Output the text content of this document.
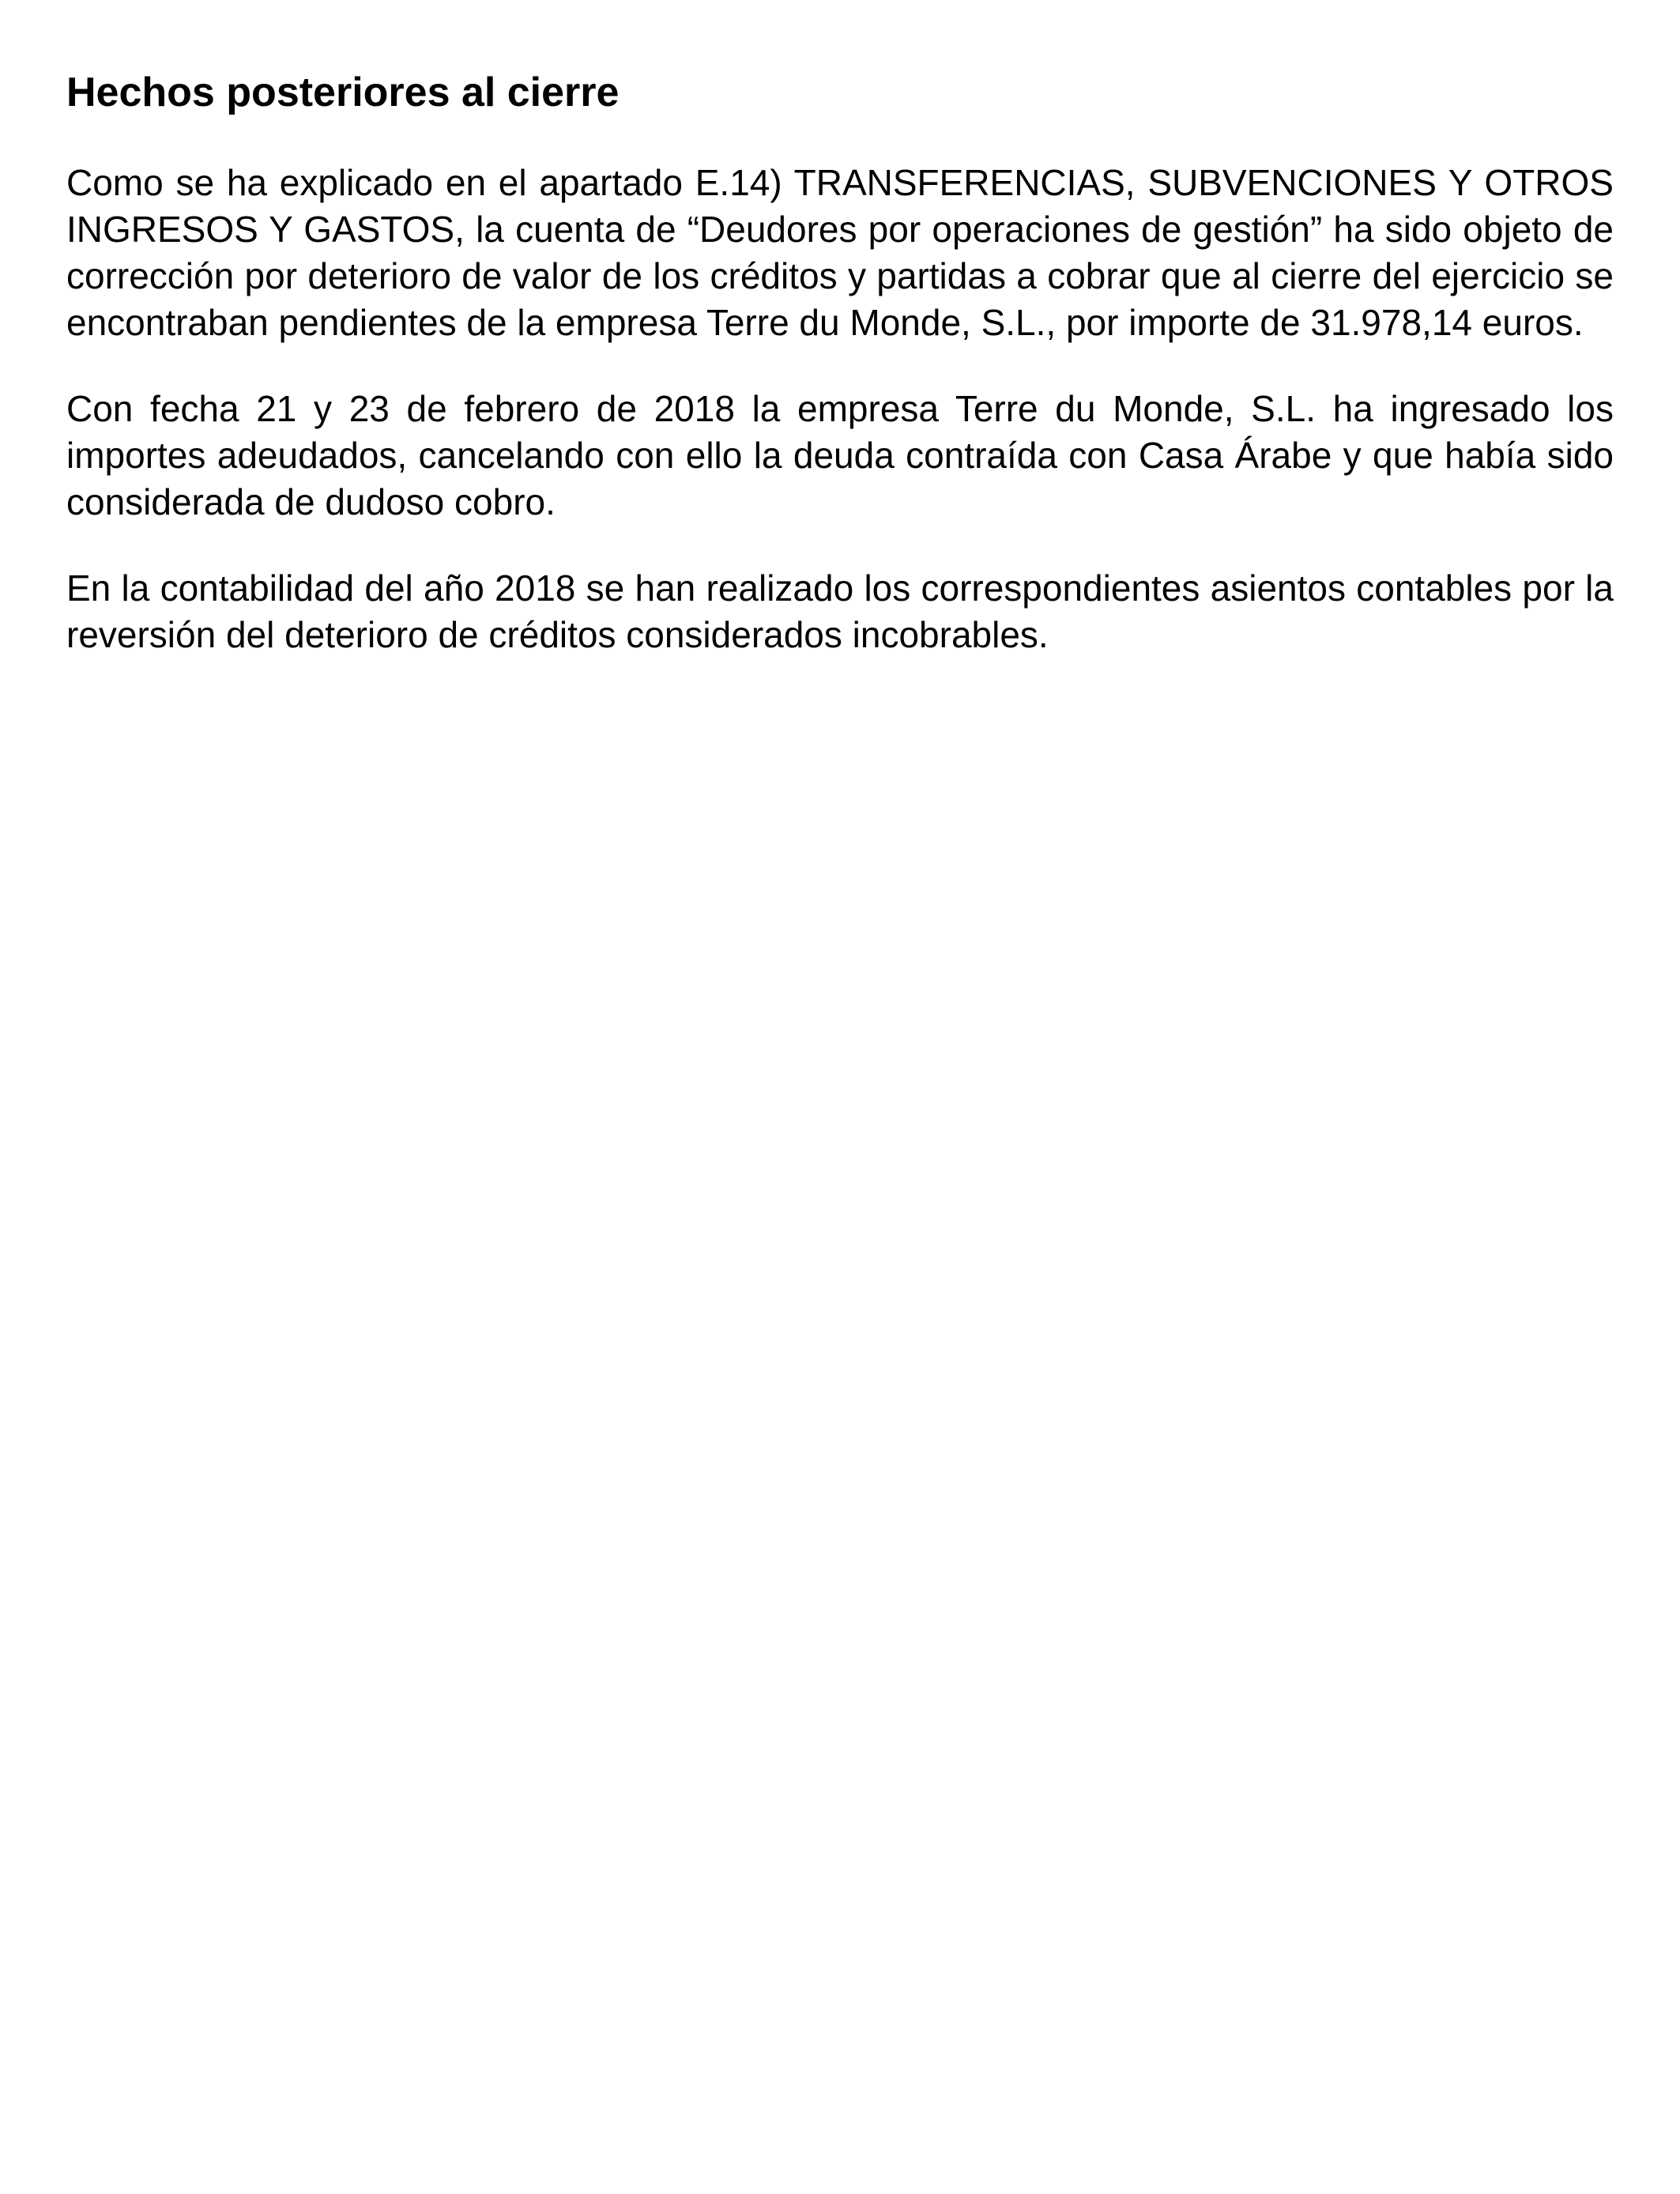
Hechos posteriores al cierre

Como se ha explicado en el apartado E.14) TRANSFERENCIAS, SUBVENCIONES Y OTROS INGRESOS Y GASTOS, la cuenta de “Deudores por operaciones de gestión” ha sido objeto de corrección por deterioro de valor de los créditos y partidas a cobrar que al cierre del ejercicio se encontraban pendientes de la empresa Terre du Monde, S.L., por importe de 31.978,14 euros.

Con fecha 21 y 23 de febrero de 2018 la empresa Terre du Monde, S.L. ha ingresado los importes adeudados, cancelando con ello la deuda contraída con Casa Árabe y que había sido considerada de dudoso cobro.

En la contabilidad del año 2018 se han realizado los correspondientes asientos contables por la reversión del deterioro de créditos considerados incobrables.
